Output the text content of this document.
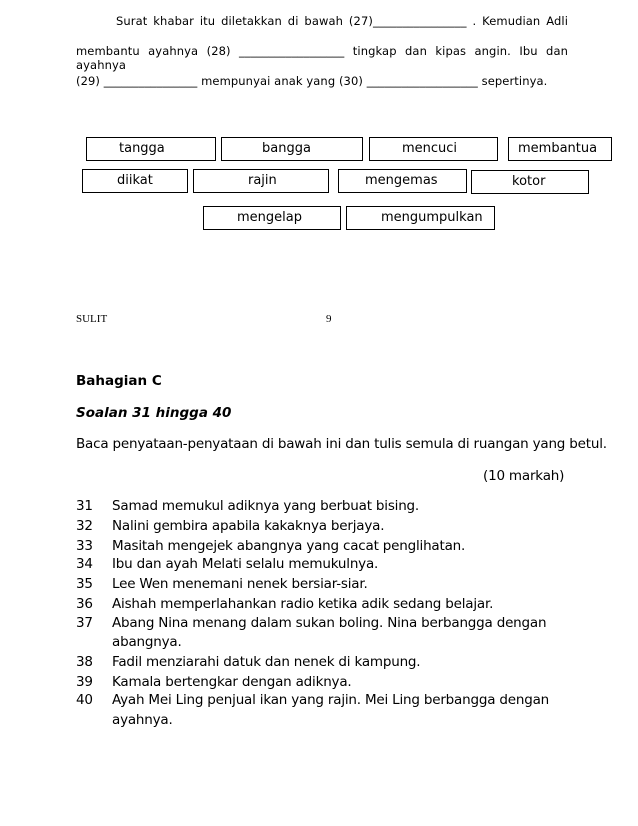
Surat khabar itu diletakkan di bawah (27)________________ . Kemudian Adli
membantu ayahnya (28) __________________ tingkap dan kipas angin. Ibu dan ayahnya
(29) ________________ mempunyai anak yang (30) ___________________ sepertinya.
tangga	bangga	mencuci	membantua
diikat	rajin	mengemas	kotor
mengelap	mengumpulkan
SULIT	9
Bahagian C
Soalan 31 hingga 40
Baca penyataan-penyataan di bawah ini dan tulis semula di ruangan yang betul.
(10 markah)
31 Samad memukul adiknya yang berbuat bising.
32 Nalini gembira apabila kakaknya berjaya.
33 Masitah mengejek abangnya yang cacat penglihatan.
34 Ibu dan ayah Melati selalu memukulnya.
35 Lee Wen menemani nenek bersiar-siar.
36 Aishah memperlahankan radio ketika adik sedang belajar.
37 Abang Nina menang dalam sukan boling. Nina berbangga dengan
abangnya.
38 Fadil menziarahi datuk dan nenek di kampung.
39 Kamala bertengkar dengan adiknya.
40 Ayah Mei Ling penjual ikan yang rajin. Mei Ling berbangga dengan
ayahnya.
